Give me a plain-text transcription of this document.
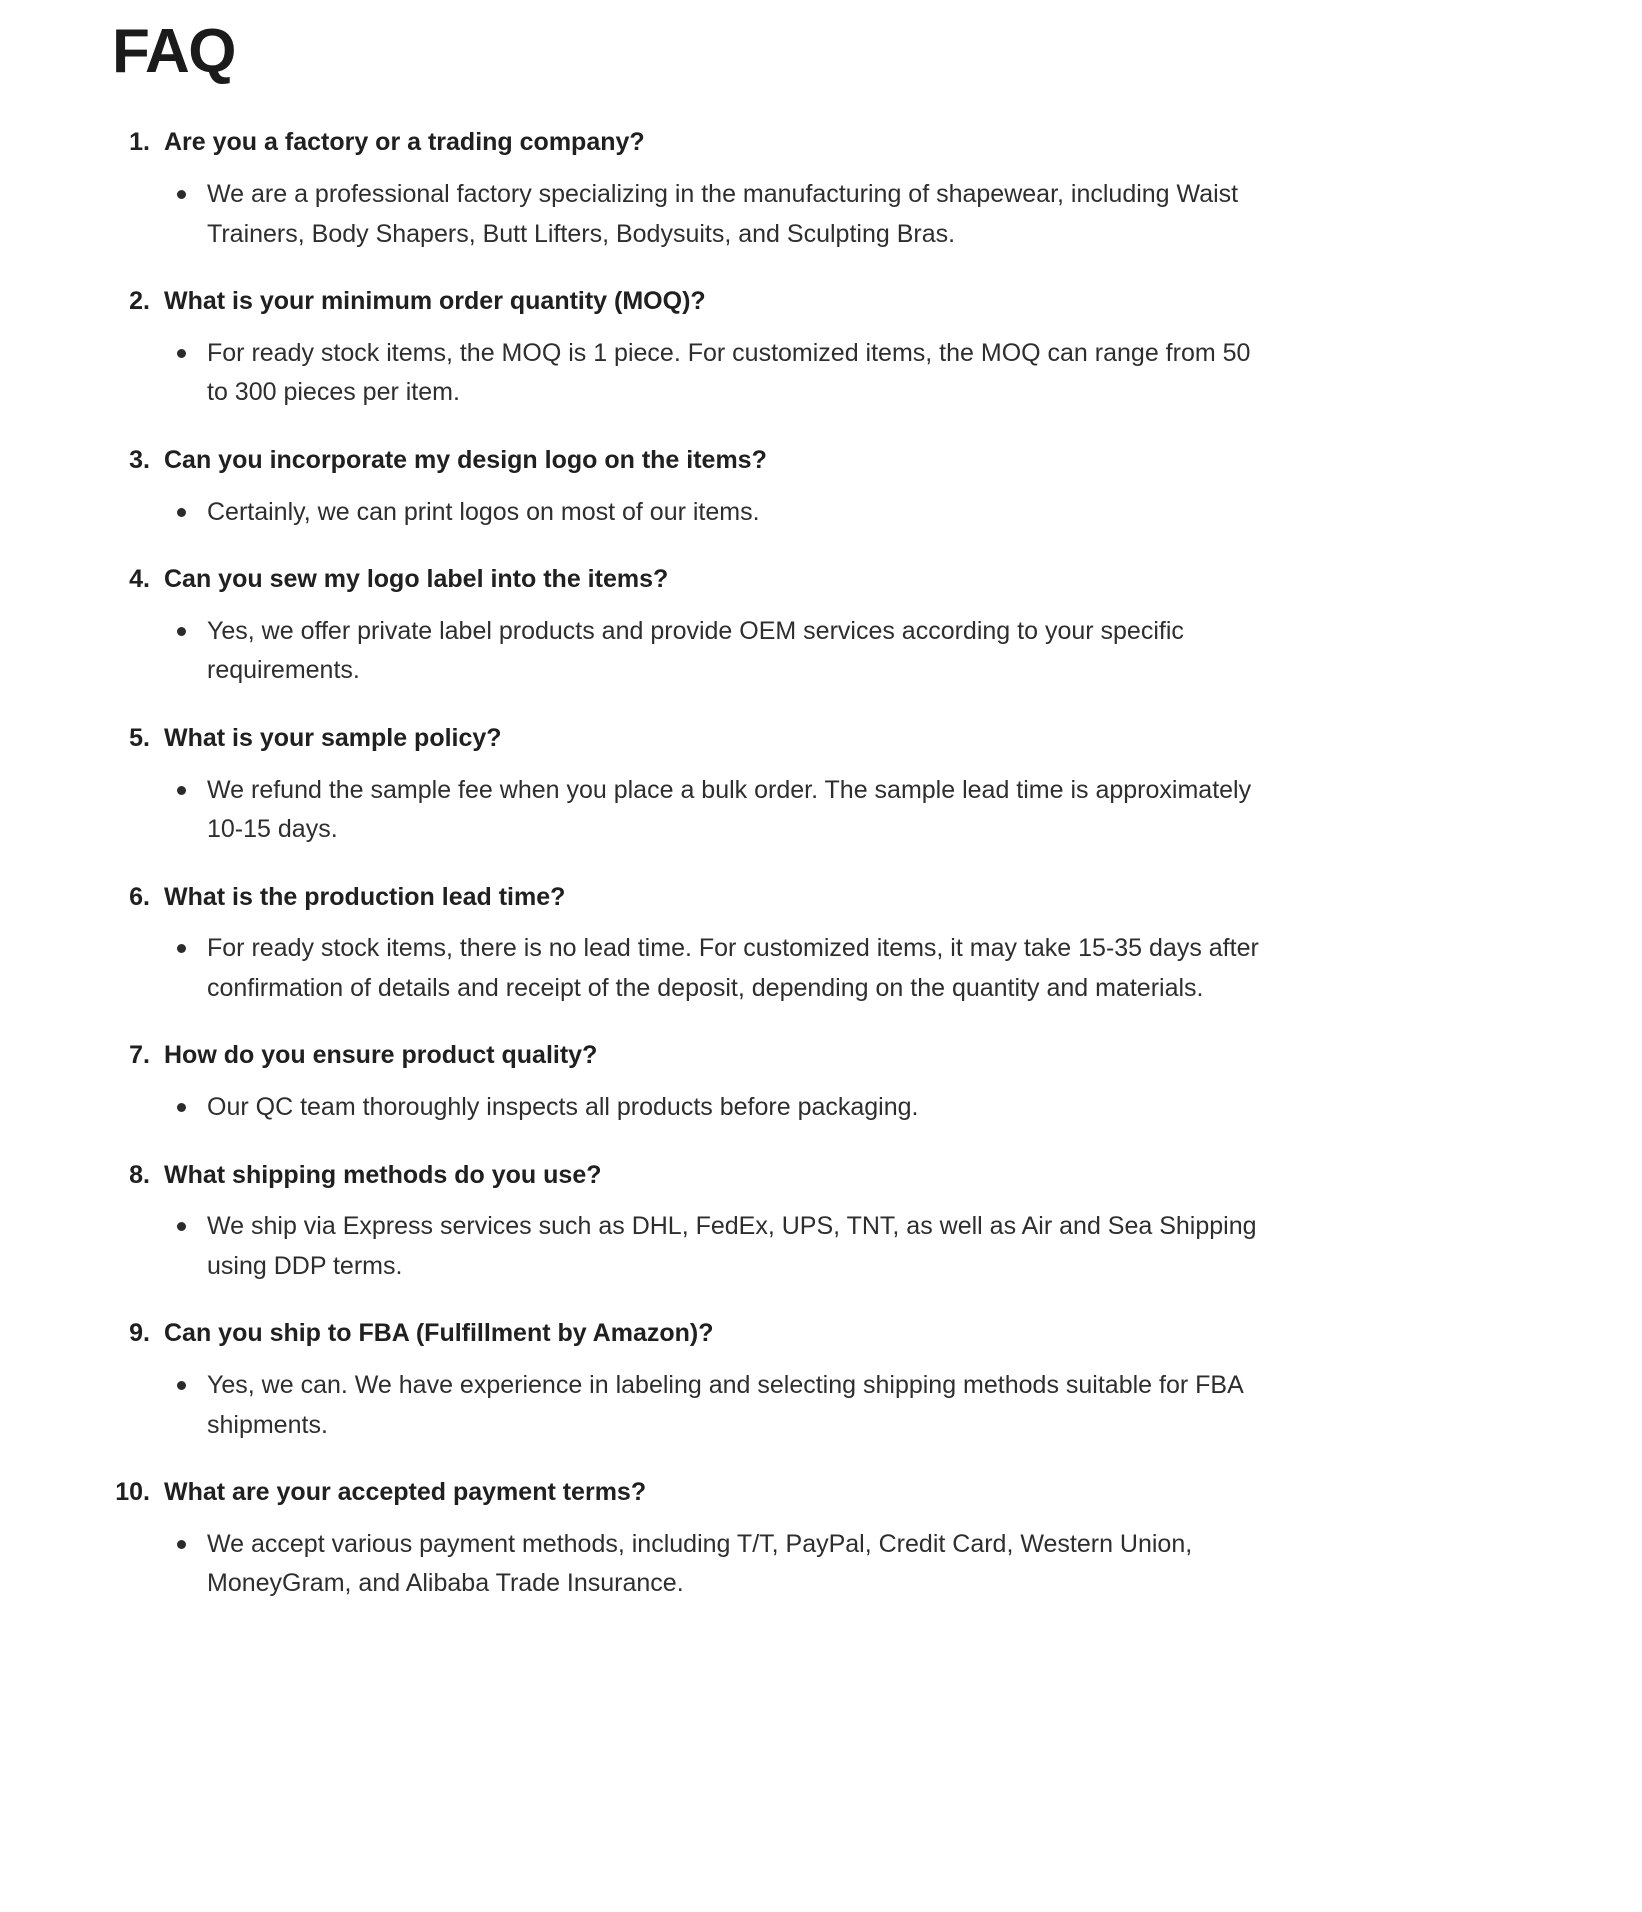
FAQ
1. Are you a factory or a trading company?
We are a professional factory specializing in the manufacturing of shapewear, including Waist Trainers, Body Shapers, Butt Lifters, Bodysuits, and Sculpting Bras.
2. What is your minimum order quantity (MOQ)?
For ready stock items, the MOQ is 1 piece. For customized items, the MOQ can range from 50 to 300 pieces per item.
3. Can you incorporate my design logo on the items?
Certainly, we can print logos on most of our items.
4. Can you sew my logo label into the items?
Yes, we offer private label products and provide OEM services according to your specific requirements.
5. What is your sample policy?
We refund the sample fee when you place a bulk order. The sample lead time is approximately 10-15 days.
6. What is the production lead time?
For ready stock items, there is no lead time. For customized items, it may take 15-35 days after confirmation of details and receipt of the deposit, depending on the quantity and materials.
7. How do you ensure product quality?
Our QC team thoroughly inspects all products before packaging.
8. What shipping methods do you use?
We ship via Express services such as DHL, FedEx, UPS, TNT, as well as Air and Sea Shipping using DDP terms.
9. Can you ship to FBA (Fulfillment by Amazon)?
Yes, we can. We have experience in labeling and selecting shipping methods suitable for FBA shipments.
10. What are your accepted payment terms?
We accept various payment methods, including T/T, PayPal, Credit Card, Western Union, MoneyGram, and Alibaba Trade Insurance.
